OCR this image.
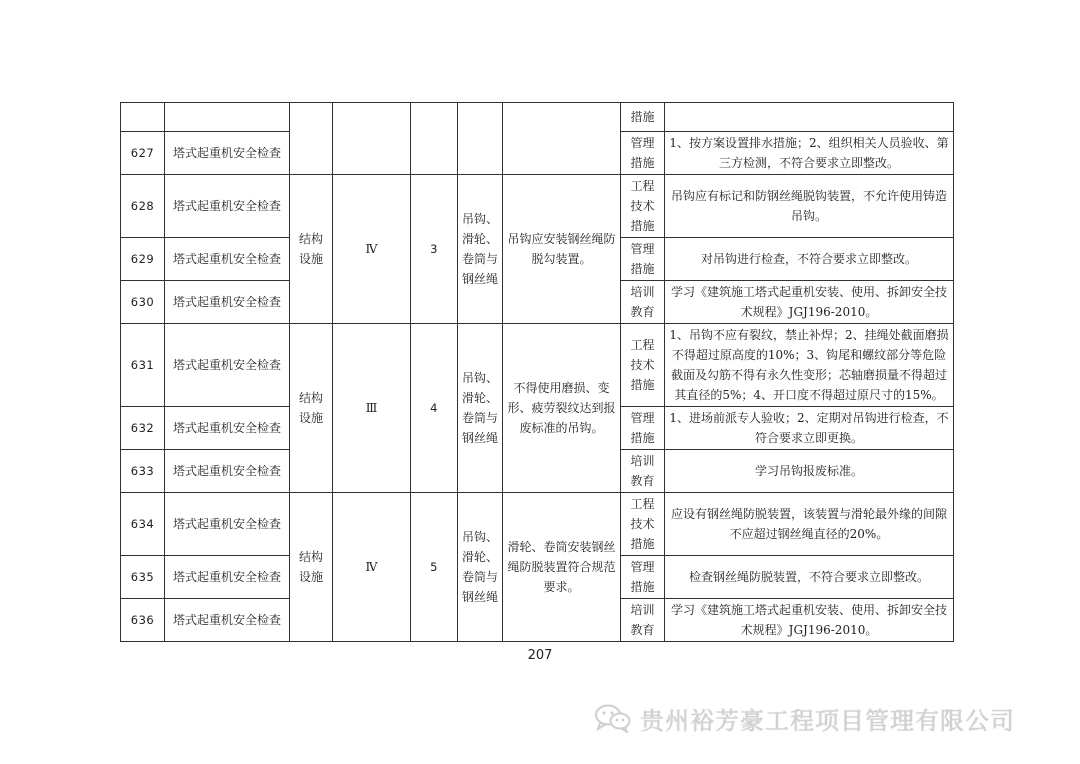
							措施	
627	塔式起重机安全检查						管理措施	1、按方案设置排水措施；2、组织相关人员验收、第三方检测，不符合要求立即整改。
628	塔式起重机安全检查	结构设施	Ⅳ	3	吊钩、滑轮、卷筒与钢丝绳	吊钩应安装钢丝绳防脱勾装置。	工程技术措施	吊钩应有标记和防钢丝绳脱钩装置，不允许使用铸造吊钩。
629	塔式起重机安全检查						管理措施	对吊钩进行检查，不符合要求立即整改。
630	塔式起重机安全检查						培训教育	学习《建筑施工塔式起重机安装、使用、拆卸安全技术规程》JGJ196-2010。
631	塔式起重机安全检查	结构设施	Ⅲ	4	吊钩、滑轮、卷筒与钢丝绳	不得使用磨损、变形、疲劳裂纹达到报废标准的吊钩。	工程技术措施	1、吊钩不应有裂纹，禁止补焊；2、挂绳处截面磨损不得超过原高度的10%；3、钩尾和螺纹部分等危险截面及勾筋不得有永久性变形；芯轴磨损量不得超过其直径的5%；4、开口度不得超过原尺寸的15%。
632	塔式起重机安全检查						管理措施	1、进场前派专人验收；2、定期对吊钩进行检查，不符合要求立即更换。
633	塔式起重机安全检查						培训教育	学习吊钩报废标准。
634	塔式起重机安全检查	结构设施	Ⅳ	5	吊钩、滑轮、卷筒与钢丝绳	滑轮、卷筒安装钢丝绳防脱装置符合规范要求。	工程技术措施	应设有钢丝绳防脱装置，该装置与滑轮最外缘的间隙不应超过钢丝绳直径的20%。
635	塔式起重机安全检查						管理措施	检查钢丝绳防脱装置，不符合要求立即整改。
636	塔式起重机安全检查						培训教育	学习《建筑施工塔式起重机安装、使用、拆卸安全技术规程》JGJ196-2010。
207
贵州裕芳豪工程项目管理有限公司
